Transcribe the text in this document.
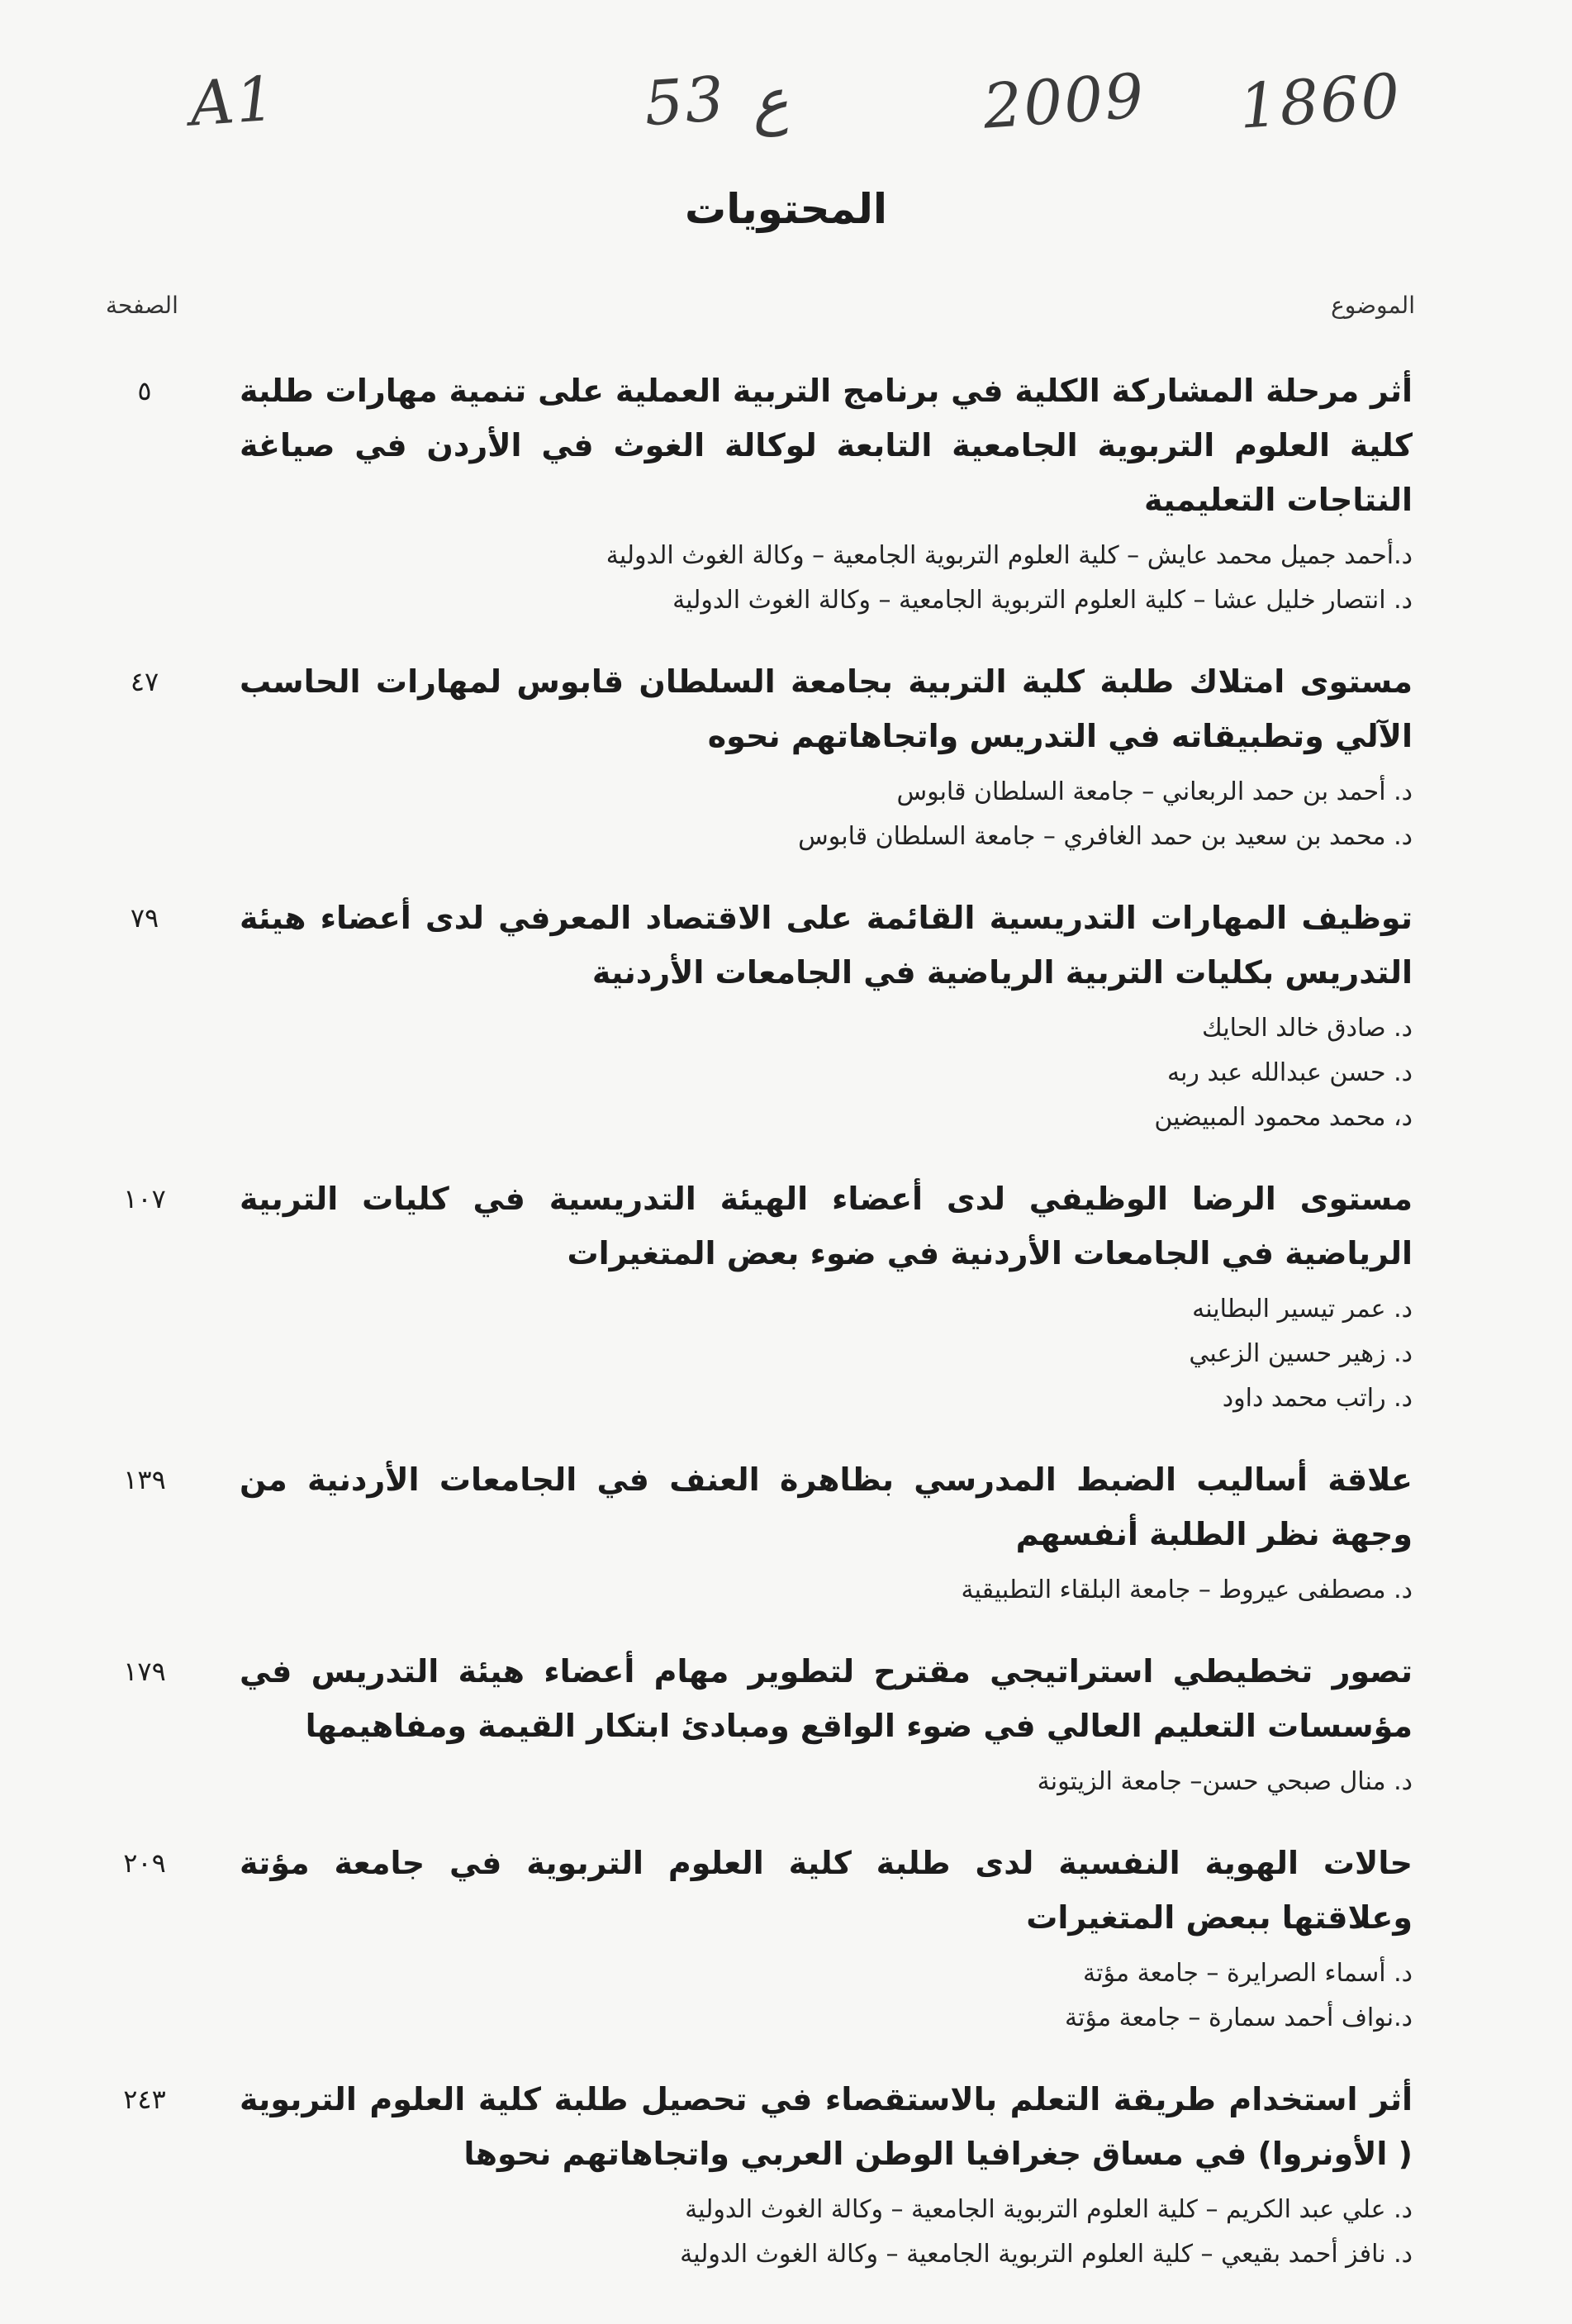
A1	53 ع	2009 1860
المحتويات
الموضوع
الصفحة
أثر مرحلة المشاركة الكلية في برنامج التربية العملية على تنمية مهارات طلبة كلية العلوم التربوية الجامعية التابعة لوكالة الغوث في الأردن في صياغة النتاجات التعليمية
٥
د.أحمد جميل محمد عايش – كلية العلوم التربوية الجامعية – وكالة الغوث الدولية
د. انتصار خليل عشا – كلية العلوم التربوية الجامعية – وكالة الغوث الدولية
مستوى امتلاك طلبة كلية التربية بجامعة السلطان قابوس لمهارات الحاسب الآلي وتطبيقاته في التدريس واتجاهاتهم نحوه
٤٧
د. أحمد بن حمد الربعاني – جامعة السلطان قابوس
د. محمد بن سعيد بن حمد الغافري – جامعة السلطان قابوس
توظيف المهارات التدريسية القائمة على الاقتصاد المعرفي لدى أعضاء هيئة التدريس بكليات التربية الرياضية في الجامعات الأردنية
٧٩
د. صادق خالد الحايك
د. حسن عبدالله عبد ربه
د، محمد محمود المبيضين
مستوى الرضا الوظيفي لدى أعضاء الهيئة التدريسية في كليات التربية الرياضية في الجامعات الأردنية في ضوء بعض المتغيرات
١٠٧
د. عمر تيسير البطاينه
د. زهير حسين الزعبي
د. راتب محمد داود
علاقة أساليب الضبط المدرسي بظاهرة العنف في الجامعات الأردنية من وجهة نظر الطلبة أنفسهم
١٣٩
د. مصطفى عيروط – جامعة البلقاء التطبيقية
تصور تخطيطي استراتيجي مقترح لتطوير مهام أعضاء هيئة التدريس في مؤسسات التعليم العالي في ضوء الواقع ومبادئ ابتكار القيمة ومفاهيمها
١٧٩
د. منال صبحي حسن– جامعة الزيتونة
حالات الهوية النفسية لدى طلبة كلية العلوم التربوية في جامعة مؤتة وعلاقتها ببعض المتغيرات
٢٠٩
د. أسماء الصرايرة – جامعة مؤتة
د.نواف أحمد سمارة – جامعة مؤتة
أثر استخدام طريقة التعلم بالاستقصاء في تحصيل طلبة كلية العلوم التربوية ( الأونروا) في مساق جغرافيا الوطن العربي واتجاهاتهم نحوها
٢٤٣
د. علي عبد الكريم – كلية العلوم التربوية الجامعية – وكالة الغوث الدولية
د. نافز أحمد بقيعي – كلية العلوم التربوية الجامعية – وكالة الغوث الدولية
